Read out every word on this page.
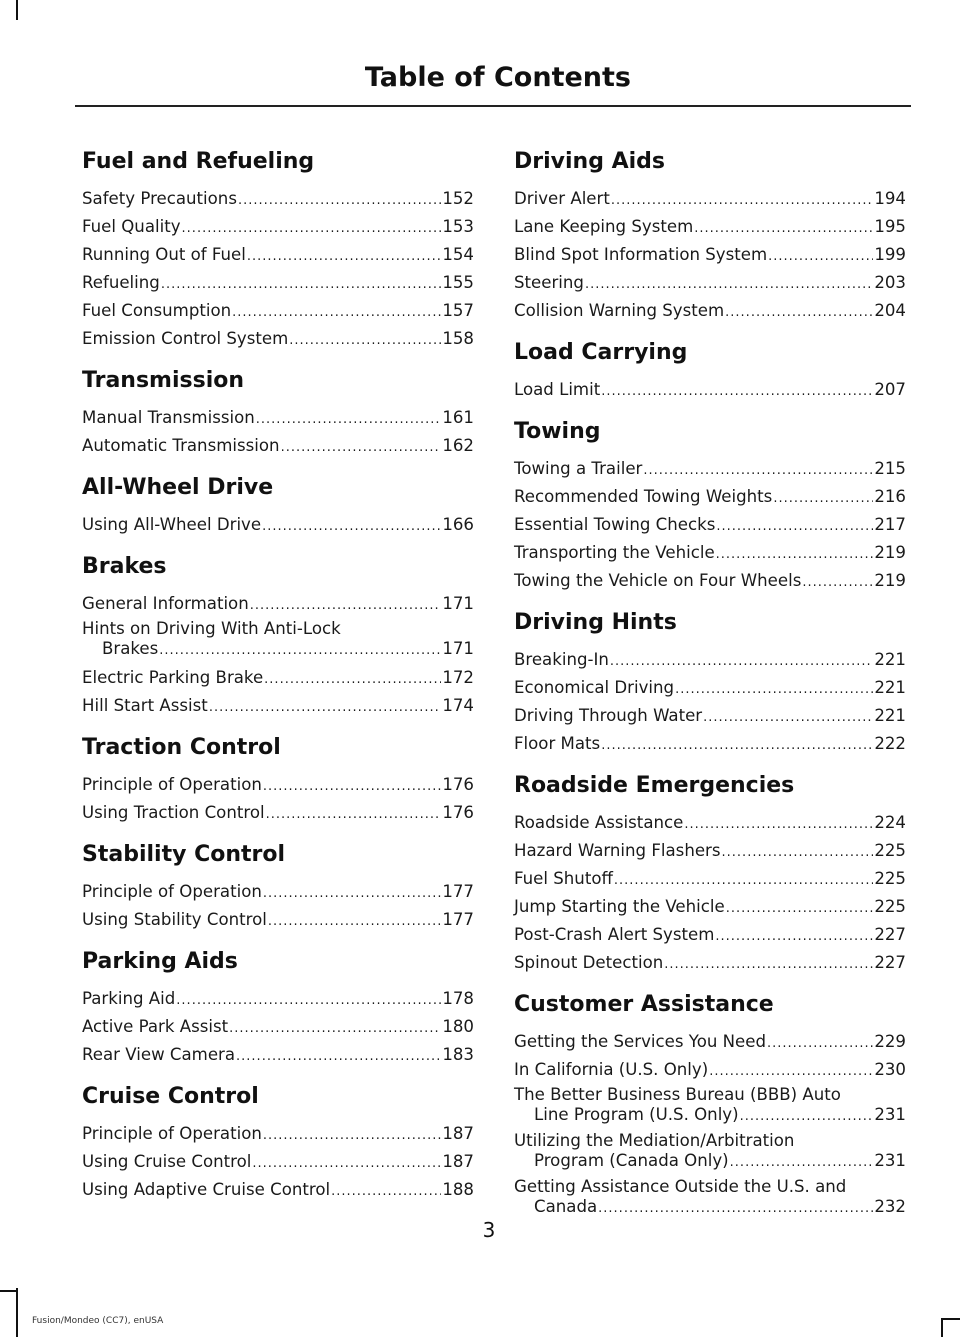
Table of Contents
Fuel and Refueling
Safety Precautions .....	152
Fuel Quality .....	153
Running Out of Fuel .....	154
Refueling .....	155
Fuel Consumption .....	157
Emission Control System .....	158
Transmission
Manual Transmission .....	161
Automatic Transmission .....	162
All-Wheel Drive
Using All-Wheel Drive .....	166
Brakes
General Information .....	171
Hints on Driving With Anti-Lock
Brakes .....	171
Electric Parking Brake .....	172
Hill Start Assist .....	174
Traction Control
Principle of Operation .....	176
Using Traction Control .....	176
Stability Control
Principle of Operation .....	177
Using Stability Control .....	177
Parking Aids
Parking Aid .....	178
Active Park Assist .....	180
Rear View Camera .....	183
Cruise Control
Principle of Operation .....	187
Using Cruise Control .....	187
Using Adaptive Cruise Control .....	188
Driving Aids
Driver Alert .....	194
Lane Keeping System .....	195
Blind Spot Information System .....	199
Steering .....	203
Collision Warning System .....	204
Load Carrying
Load Limit .....	207
Towing
Towing a Trailer .....	215
Recommended Towing Weights .....	216
Essential Towing Checks .....	217
Transporting the Vehicle .....	219
Towing the Vehicle on Four Wheels .....	219
Driving Hints
Breaking-In .....	221
Economical Driving .....	221
Driving Through Water .....	221
Floor Mats .....	222
Roadside Emergencies
Roadside Assistance .....	224
Hazard Warning Flashers .....	225
Fuel Shutoff .....	225
Jump Starting the Vehicle .....	225
Post-Crash Alert System .....	227
Spinout Detection .....	227
Customer Assistance
Getting the Services You Need .....	229
In California (U.S. Only) .....	230
The Better Business Bureau (BBB) Auto
Line Program (U.S. Only) .....	231
Utilizing the Mediation/Arbitration
Program (Canada Only) .....	231
Getting Assistance Outside the U.S. and
Canada .....	232
3
Fusion/Mondeo (CC7), enUSA
